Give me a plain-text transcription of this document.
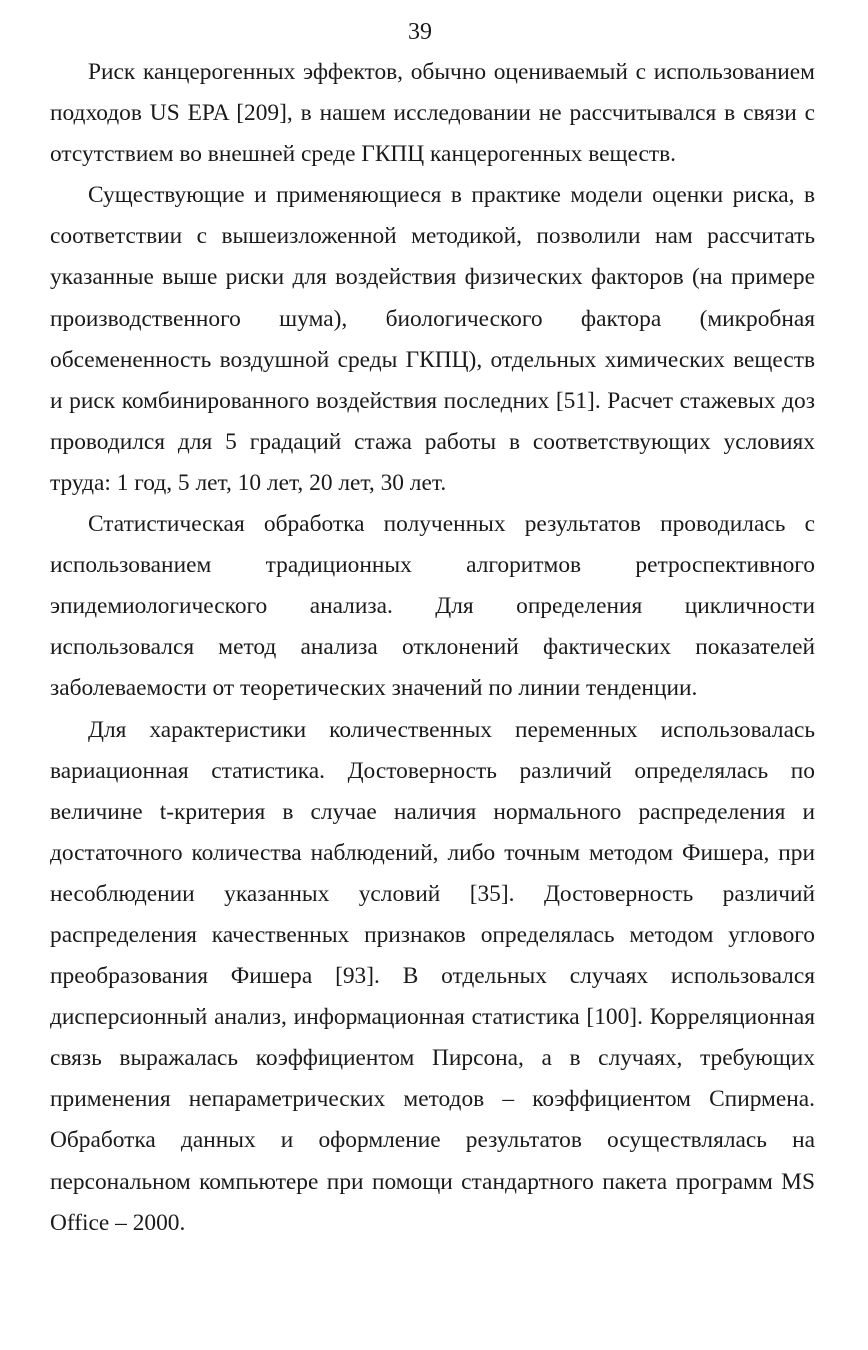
39

Риск канцерогенных эффектов, обычно оцениваемый с использованием подходов US EPA [209], в нашем исследовании не рассчитывался в связи с отсутствием во внешней среде ГКПЦ канцерогенных веществ.

Существующие и применяющиеся в практике модели оценки риска, в соответствии с вышеизложенной методикой, позволили нам рассчитать указанные выше риски для воздействия физических факторов (на примере производственного шума), биологического фактора (микробная обсемененность воздушной среды ГКПЦ), отдельных химических веществ и риск комбинированного воздействия последних [51]. Расчет стажевых доз проводился для 5 градаций стажа работы в соответствующих условиях труда: 1 год, 5 лет, 10 лет, 20 лет, 30 лет.

Статистическая обработка полученных результатов проводилась с использованием традиционных алгоритмов ретроспективного эпидемиологического анализа. Для определения цикличности использовался метод анализа отклонений фактических показателей заболеваемости от теоретических значений по линии тенденции.

Для характеристики количественных переменных использовалась вариационная статистика. Достоверность различий определялась по величине t-критерия в случае наличия нормального распределения и достаточного количества наблюдений, либо точным методом Фишера, при несоблюдении указанных условий [35]. Достоверность различий распределения качественных признаков определялась методом углового преобразования Фишера [93]. В отдельных случаях использовался дисперсионный анализ, информационная статистика [100]. Корреляционная связь выражалась коэффициентом Пирсона, а в случаях, требующих применения непараметрических методов – коэффициентом Спирмена. Обработка данных и оформление результатов осуществлялась на персональном компьютере при помощи стандартного пакета программ MS Office – 2000.
